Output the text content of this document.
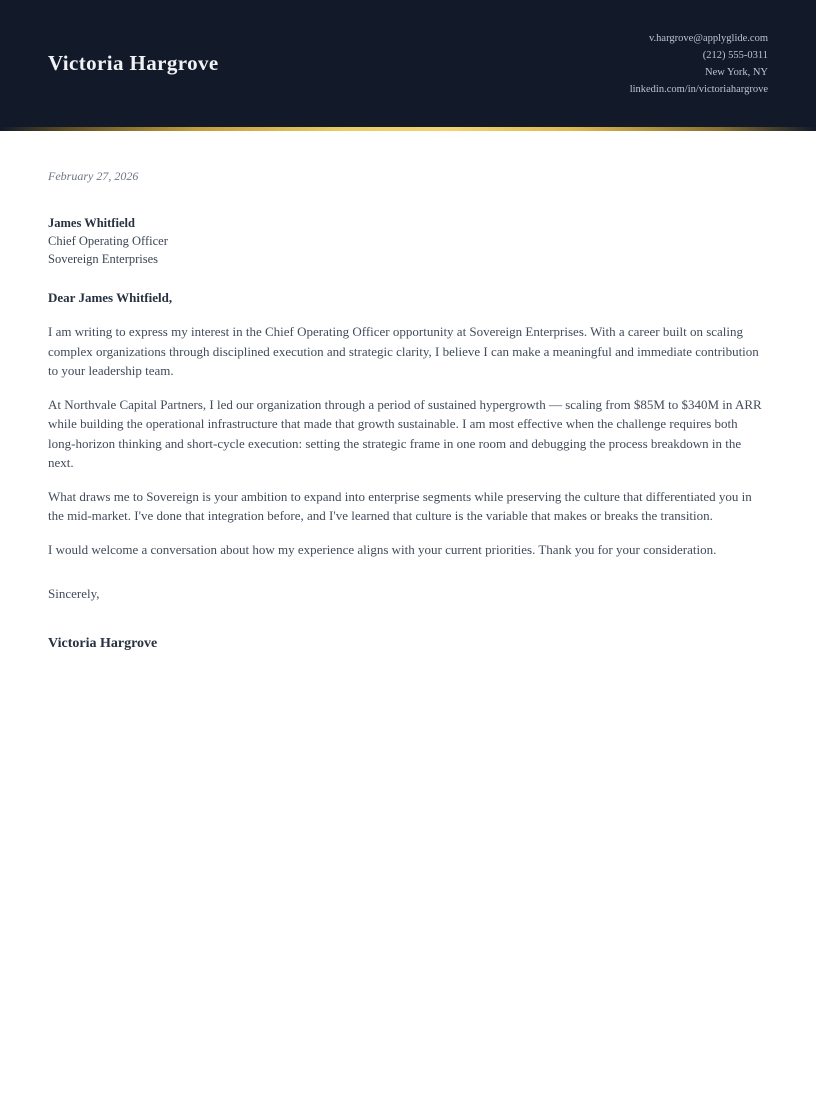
Victoria Hargrove
v.hargrove@applyglide.com
(212) 555-0311
New York, NY
linkedin.com/in/victoriahargrove
February 27, 2026
James Whitfield
Chief Operating Officer
Sovereign Enterprises
Dear James Whitfield,

I am writing to express my interest in the Chief Operating Officer opportunity at Sovereign Enterprises. With a career built on scaling complex organizations through disciplined execution and strategic clarity, I believe I can make a meaningful and immediate contribution to your leadership team.

At Northvale Capital Partners, I led our organization through a period of sustained hypergrowth — scaling from $85M to $340M in ARR while building the operational infrastructure that made that growth sustainable. I am most effective when the challenge requires both long-horizon thinking and short-cycle execution: setting the strategic frame in one room and debugging the process breakdown in the next.

What draws me to Sovereign is your ambition to expand into enterprise segments while preserving the culture that differentiated you in the mid-market. I've done that integration before, and I've learned that culture is the variable that makes or breaks the transition.

I would welcome a conversation about how my experience aligns with your current priorities. Thank you for your consideration.

Sincerely,
Victoria Hargrove
